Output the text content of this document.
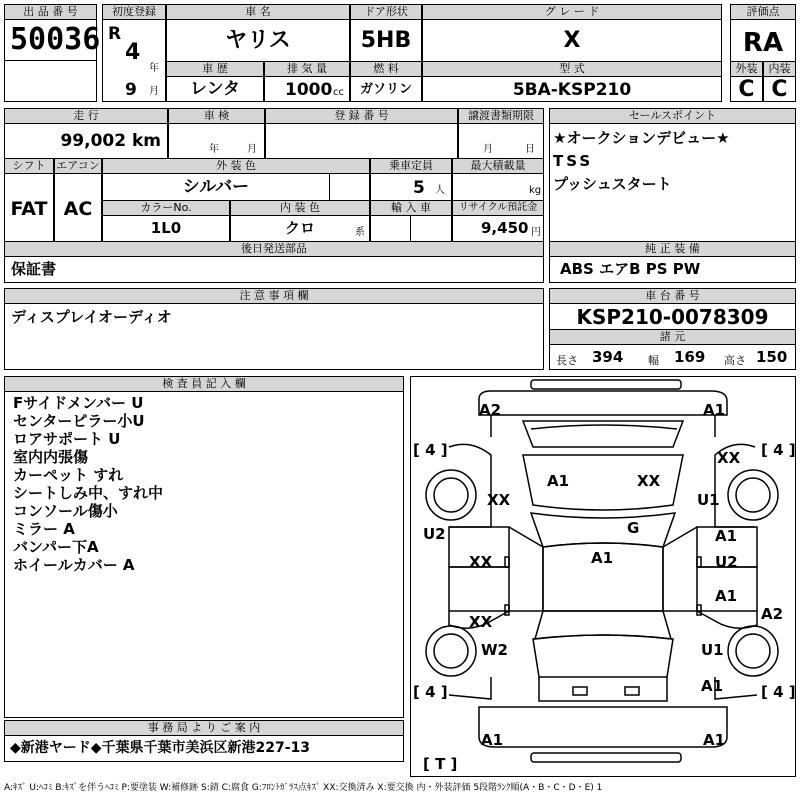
出 品 番 号
50036
初度登録
R
4
年
9 月
車 名
ヤリス
ドア形状
5HB
グ レ ー ド
X
評価点
RA
車 歴
レンタ
排 気 量
1000 cc
燃 料
ガソリン
型 式
5BA-KSP210
外装
C
内装
C
走 行
99,002 km
車 検
年	月
登 録 番 号	譲渡書類期限
月	日
シフト
FAT
エアコン
AC
外 装 色
シルバー
乗車定員
5 人
最大積載量
kg
カラーNo.
1L0
内 装 色
クロ	系
輸 入 車	リサイクル預託金
9,450 円
後日発送部品
保証書
セールスポイント
★オークションデビュー★
TSS
プッシュスタート
純 正 装 備
ABS エアB PS PW
注 意 事 項 欄
ディスプレイオーディオ
車 台 番 号
KSP210-0078309
諸 元
長さ 394 幅 169 高さ 150
検 査 員 記 入 欄
Fサイドメンバー U
センターピラー小U
ロアサポート U
室内内張傷
カーペット すれ
シートしみ中、すれ中
コンソール傷小
ミラー A
バンパー下A
ホイールカバー A
事 務 局 よ り ご 案 内
◆新港ヤード◆千葉県千葉市美浜区新港227-13
[ 4 ]	[ 4 ]
[ 4 ]	[ 4 ]
[ T ]
A2	A1
XX
A1	XX
XX	U1
G
U2	A1
A1
XX	U2
A1
A2
XX
W2	U1
A1
A1	A1
A:ｷｽﾞ U:ﾍｺﾐ B:ｷｽﾞを伴うﾍｺﾐ P:要塗装 W:補修跡 S:錆 C:腐食 G:ﾌﾛﾝﾄｶﾞﾗｽ点ｷｽﾞ XX:交換済み X:要交換 内・外装評価 5段階ﾗﾝｸ順(A・B・C・D・E) 1
